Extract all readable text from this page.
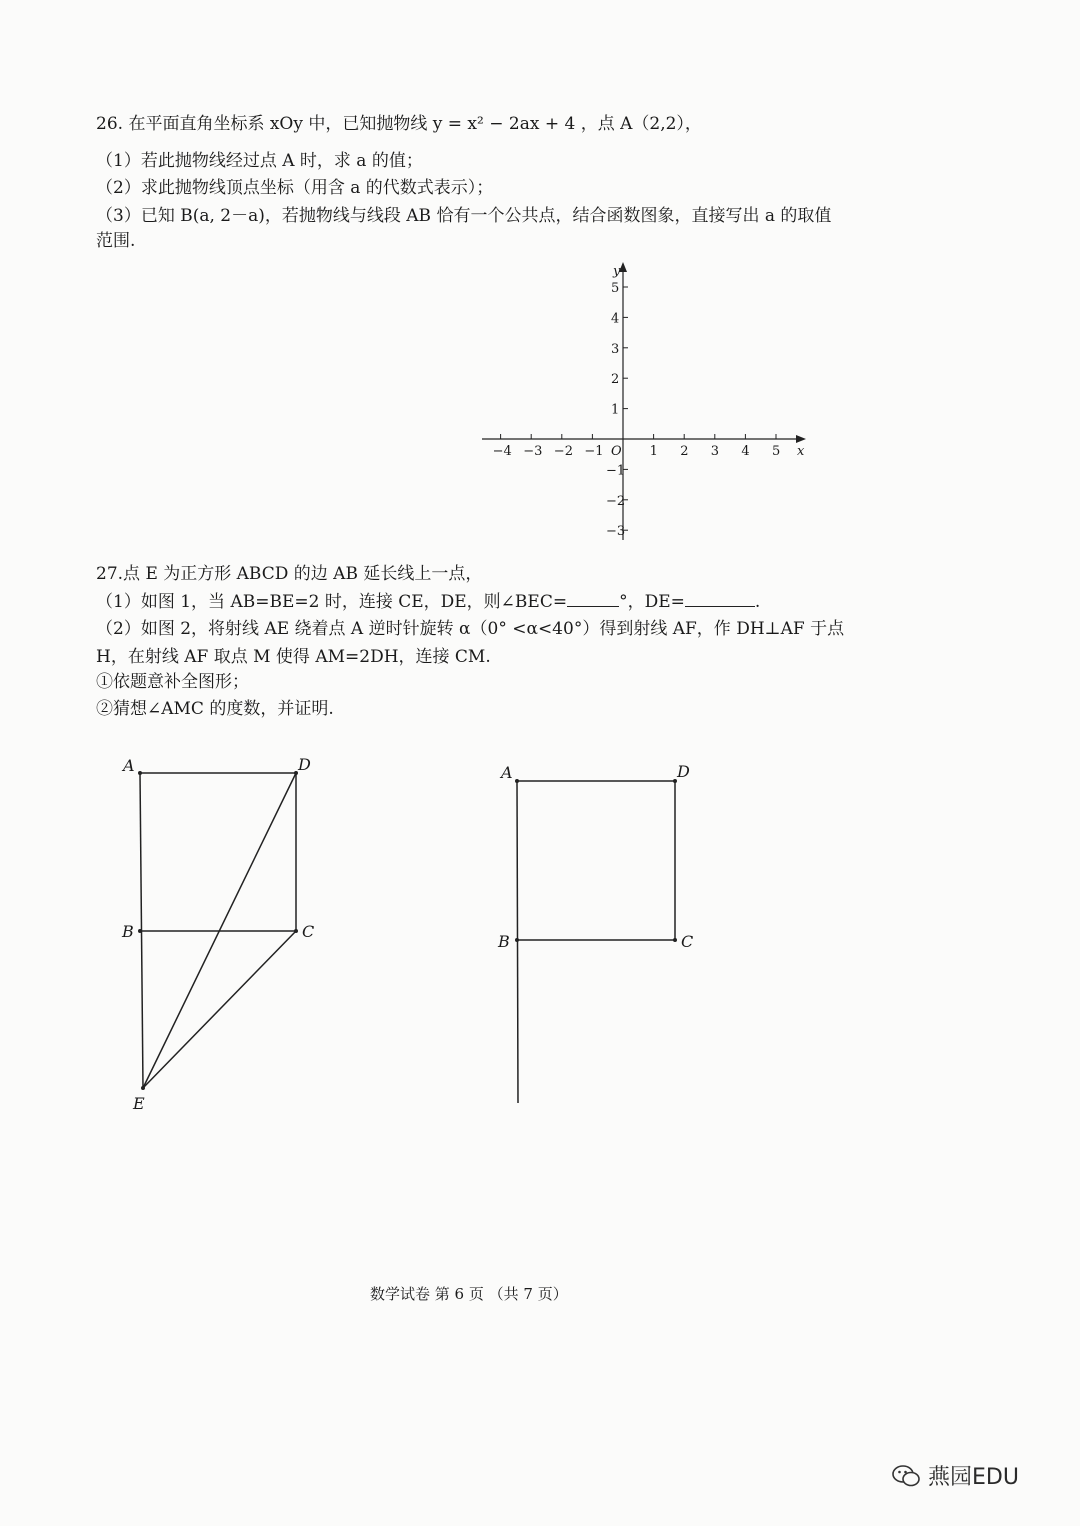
26. 在平面直角坐标系 xOy 中，已知抛物线 y = x² − 2ax + 4 ，点 A（2,2），
（1）若此抛物线经过点 A 时，求 a 的值；
（2）求此抛物线顶点坐标（用含 a 的代数式表示）；
（3）已知 B(a, 2－a)，若抛物线与线段 AB 恰有一个公共点，结合函数图象，直接写出 a 的取值
范围.
−4 −3 −2 −1	1 2 3 4 5
5
4
3
2
1
−1
−2
−3
x
y
O
27.点 E 为正方形 ABCD 的边 AB 延长线上一点，
（1）如图 1，当 AB=BE=2 时，连接 CE，DE，则∠BEC=	°，DE=	.
（2）如图 2，将射线 AE 绕着点 A 逆时针旋转 α（0° <α<40°）得到射线 AF，作 DH⊥AF 于点
H，在射线 AF 取点 M 使得 AM=2DH，连接 CM.
①依题意补全图形；
②猜想∠AMC 的度数，并证明.
A	D
B	C
E
A	D
B	C
数学试卷 第 6 页 （共 7 页）
燕园EDU
